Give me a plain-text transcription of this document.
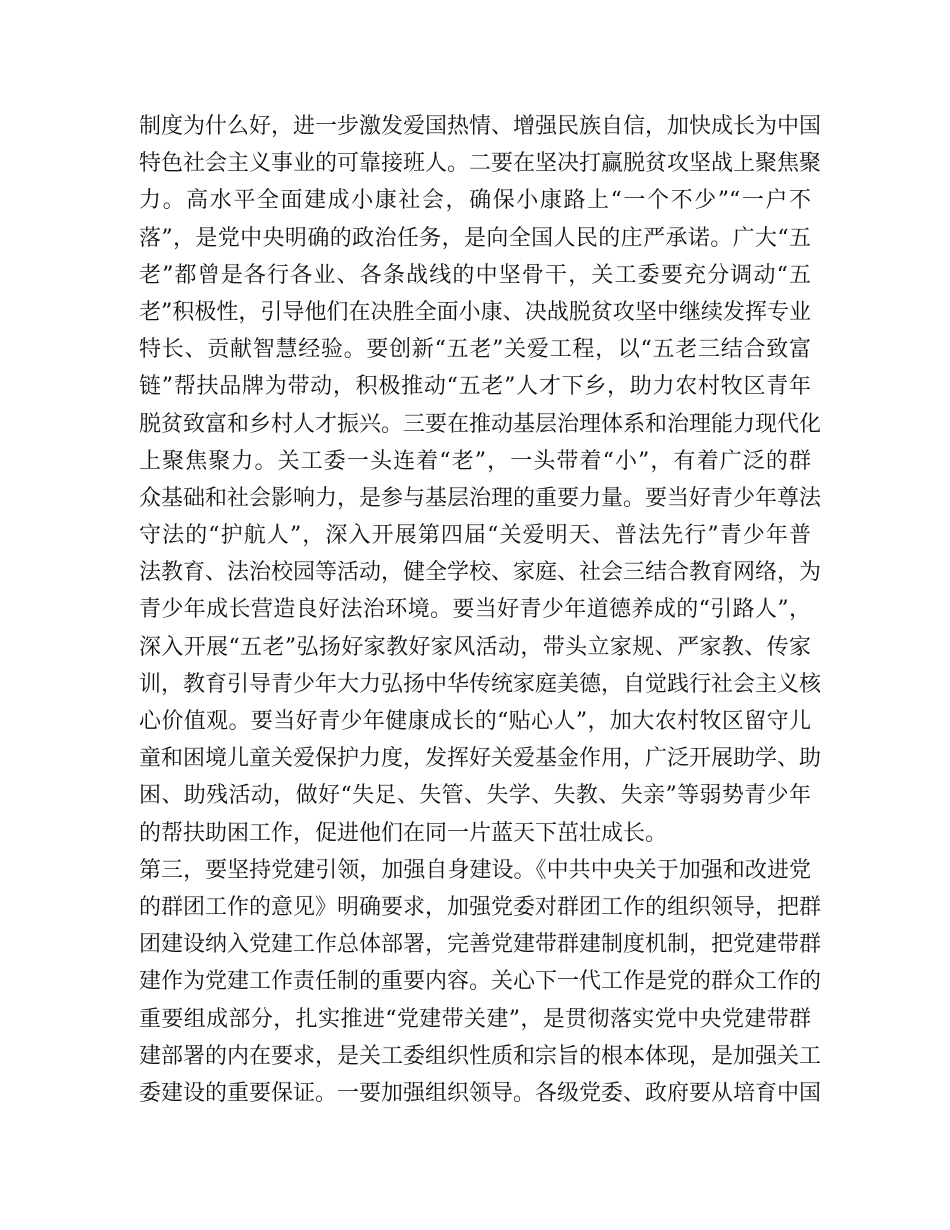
制度为什么好，进一步激发爱国热情、增强民族自信，加快成长为中国
特色社会主义事业的可靠接班人。二要在坚决打赢脱贫攻坚战上聚焦聚
力。高水平全面建成小康社会，确保小康路上“一个不少”“一户不
落”，是党中央明确的政治任务，是向全国人民的庄严承诺。广大“五
老”都曾是各行各业、各条战线的中坚骨干，关工委要充分调动“五
老”积极性，引导他们在决胜全面小康、决战脱贫攻坚中继续发挥专业
特长、贡献智慧经验。要创新“五老”关爱工程，以“五老三结合致富
链”帮扶品牌为带动，积极推动“五老”人才下乡，助力农村牧区青年
脱贫致富和乡村人才振兴。三要在推动基层治理体系和治理能力现代化
上聚焦聚力。关工委一头连着“老”，一头带着“小”，有着广泛的群
众基础和社会影响力，是参与基层治理的重要力量。要当好青少年尊法
守法的“护航人”，深入开展第四届“关爱明天、普法先行”青少年普
法教育、法治校园等活动，健全学校、家庭、社会三结合教育网络，为
青少年成长营造良好法治环境。要当好青少年道德养成的“引路人”，
深入开展“五老”弘扬好家教好家风活动，带头立家规、严家教、传家
训，教育引导青少年大力弘扬中华传统家庭美德，自觉践行社会主义核
心价值观。要当好青少年健康成长的“贴心人”，加大农村牧区留守儿
童和困境儿童关爱保护力度，发挥好关爱基金作用，广泛开展助学、助
困、助残活动，做好“失足、失管、失学、失教、失亲”等弱势青少年
的帮扶助困工作，促进他们在同一片蓝天下茁壮成长。
第三，要坚持党建引领，加强自身建设。《中共中央关于加强和改进党
的群团工作的意见》明确要求，加强党委对群团工作的组织领导，把群
团建设纳入党建工作总体部署，完善党建带群建制度机制，把党建带群
建作为党建工作责任制的重要内容。关心下一代工作是党的群众工作的
重要组成部分，扎实推进“党建带关建”，是贯彻落实党中央党建带群
建部署的内在要求，是关工委组织性质和宗旨的根本体现，是加强关工
委建设的重要保证。一要加强组织领导。各级党委、政府要从培育中国
